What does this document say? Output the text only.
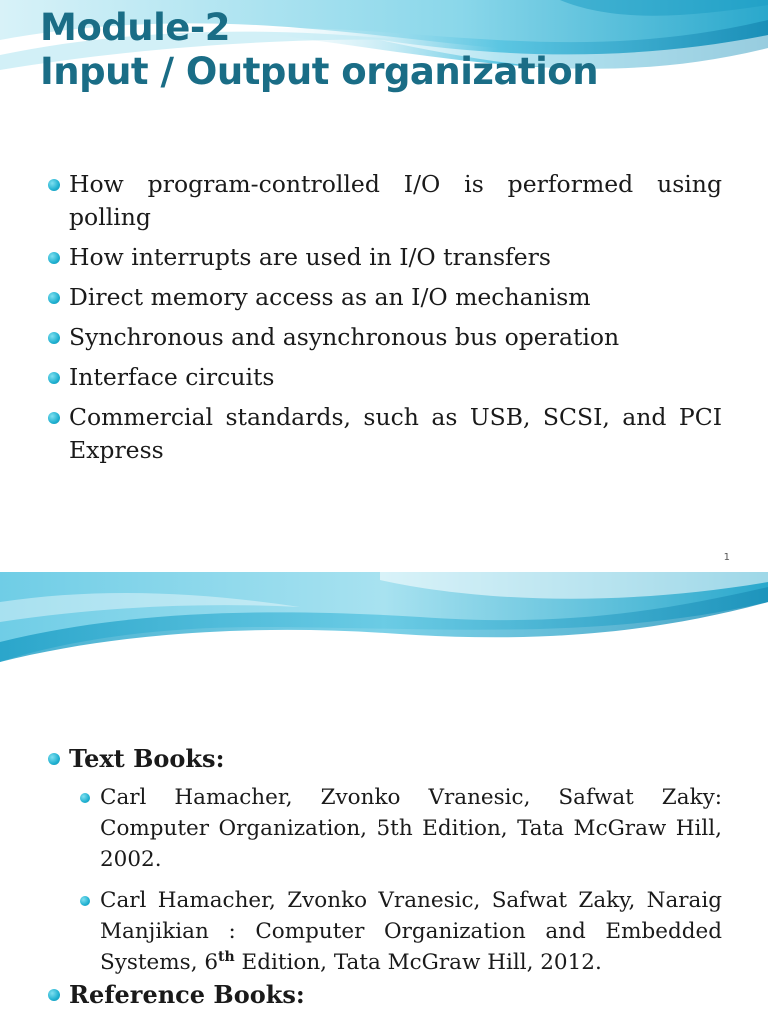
Module-2
Input / Output organization
How program-controlled I/O is performed using polling
How interrupts are used in I/O transfers
Direct memory access as an I/O mechanism
Synchronous and asynchronous bus operation
Interface circuits
Commercial standards, such as USB, SCSI, and PCI Express
1
Text Books:
Carl Hamacher, Zvonko Vranesic, Safwat Zaky: Computer Organization, 5th Edition, Tata McGraw Hill, 2002.
Carl Hamacher, Zvonko Vranesic, Safwat Zaky, Naraig Manjikian : Computer Organization and Embedded Systems, 6th Edition, Tata McGraw Hill, 2012.
Reference Books:
